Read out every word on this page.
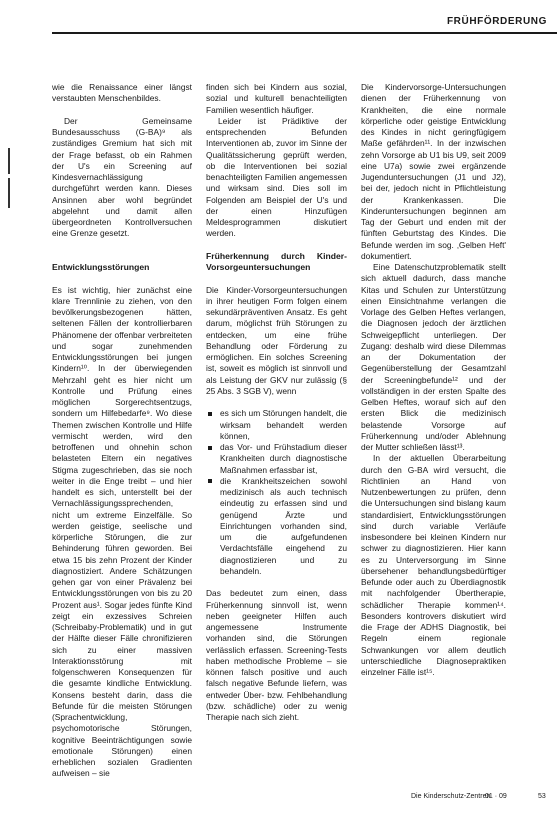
FRÜHFÖRDERUNG

wie die Renaissance einer längst verstaubten Menschenbildes.

Der Gemeinsame Bundesausschuss (G-BA)⁹ als zuständiges Gremium hat sich mit der Frage befasst, ob ein Rahmen der U's ein Screening auf Kindesvernachlässigung durchgeführt werden kann. Dieses Ansinnen aber wohl begründet abgelehnt und damit allen übergeordneten Kontrollversuchen eine Grenze gesetzt.

Entwicklungsstörungen

Es ist wichtig, hier zunächst eine klare Trennlinie zu ziehen, von den bevölkerungsbezogenen hätten, seltenen Fällen der kontrollierbaren Phänomene der offenbar verbreiteten und sogar zunehmenden Entwicklungsstörungen bei jungen Kindern¹⁰. In der überwiegenden Mehrzahl geht es hier nicht um Kontrolle und Prüfung eines möglichen Sorgerechtsentzugs, sondern um Hilfebedarfe⁹. Wo diese Themen zwischen Kontrolle und Hilfe vermischt werden, wird den betroffenen und ohnehin schon belasteten Eltern ein negatives Stigma zugeschrieben, das sie noch weiter in die Enge treibt – und hier handelt es sich, unterstellt bei der Vernachlässigungssprechenden, nicht um extreme Einzelfälle. So werden geistige, seelische und körperliche Störungen, die zur Behinderung führen geworden. Bei etwa 15 bis zehn Prozent der Kinder diagnostiziert. Andere Schätzungen gehen gar von einer Prävalenz bei Entwicklungsstörungen von bis zu 20 Prozent aus¹. Sogar jedes fünfte Kind zeigt ein exzessives Schreien (Schreibaby-Problematik) und in gut der Hälfte dieser Fälle chronifizieren sich zu einer massiven Interaktionsstörung mit folgenschweren Konsequenzen für die gesamte kindliche Entwicklung. Konsens besteht darin, dass die Befunde für die meisten Störungen (Sprachentwicklung, psychomotorische Störungen, kognitive Beeinträchtigungen sowie emotionale Störungen) einen erheblichen sozialen Gradienten aufweisen – sie

finden sich bei Kindern aus sozial, sozial und kulturell benachteiligten Familien wesentlich häufiger.

Leider ist Prädiktive der entsprechenden Befunden Interventionen ab, zuvor im Sinne der Qualitätssicherung geprüft werden, ob die Interventionen bei sozial benachteiligten Familien angemessen und wirksam sind. Dies soll im Folgenden am Beispiel der U's und der einen Hinzufügen Meldesprogrammen diskutiert werden.

Früherkennung durch Kinder-Vorsorgeuntersuchungen

Die Kinder-Vorsorgeuntersuchungen in ihrer heutigen Form folgen einem sekundärpräventiven Ansatz. Es geht darum, möglichst früh Störungen zu entdecken, um eine frühe Behandlung oder Förderung zu ermöglichen. Ein solches Screening ist, soweit es möglich ist sinnvoll und als Leistung der GKV nur zulässig (§ 25 Abs. 3 SGB V), wenn

es sich um Störungen handelt, die wirksam behandelt werden können,
das Vor- und Frühstadium dieser Krankheiten durch diagnostische Maßnahmen erfassbar ist,
die Krankheitszeichen sowohl medizinisch als auch technisch eindeutig zu erfassen sind und genügend Ärzte und Einrichtungen vorhanden sind, um die aufgefundenen Verdachtsfälle eingehend zu diagnostizieren und zu behandeln.

Das bedeutet zum einen, dass Früherkennung sinnvoll ist, wenn neben geeigneter Hilfen auch angemessene Instrumente vorhanden sind, die Störungen verlässlich erfassen. Screening-Tests haben methodische Probleme – sie können falsch positive und auch falsch negative Befunde liefern, was entweder Über- bzw. Fehlbehandlung (bzw. schädliche) oder zu wenig Therapie nach sich zieht.

Die Kindervorsorge-Untersuchungen dienen der Früherkennung von Krankheiten, die eine normale körperliche oder geistige Entwicklung des Kindes in nicht geringfügigem Maße gefährden¹¹. In der inzwischen zehn Vorsorge ab U1 bis U9, seit 2009 eine U7a) sowie zwei ergänzende Jugenduntersuchungen (J1 und J2), bei der, jedoch nicht in Pflichtleistung der Krankenkassen. Die Kinderuntersuchungen beginnen am Tag der Geburt und enden mit der fünften Geburtstag des Kindes. Die Befunde werden im sog. ‚Gelben Heft' dokumentiert.

Eine Datenschutzproblematik stellt sich aktuell dadurch, dass manche Kitas und Schulen zur Unterstützung einen Einsichtnahme verlangen die Vorlage des Gelben Heftes verlangen, die Diagnosen jedoch der ärztlichen Schweigepflicht unterliegen. Der Zugang: deshalb wird diese Dilemmas an der Dokumentation der Gegenüberstellung der Gesamtzahl der Screeningbefunde¹² und der vollständigen in der ersten Spalte des Gelben Heftes, worauf sich auf den ersten Blick die medizinisch belastende Vorsorge auf Früherkennung und/oder Ablehnung der Mutter schließen lässt¹³.

In der aktuellen Überarbeitung durch den G-BA wird versucht, die Richtlinien an Hand von Nutzenbewertungen zu prüfen, denn die Untersuchungen sind bislang kaum standardisiert, Entwicklungsstörungen sind durch variable Verläufe insbesondere bei kleinen Kindern nur schwer zu diagnostizieren. Hier kann es zu Unterversorgung im Sinne übersehener behandlungsbedürftiger Befunde oder auch zu Überdiagnostik mit nachfolgender Übertherapie, schädlicher Therapie kommen¹⁴. Besonders kontrovers diskutiert wird die Frage der ADHS Diagnostik, bei Regeln einem regionale Schwankungen vor allem deutlich unterschiedliche Diagnosepraktiken einzelner Fälle ist¹⁵.

Die Kinderschutz-Zentren
01 · 09	53
